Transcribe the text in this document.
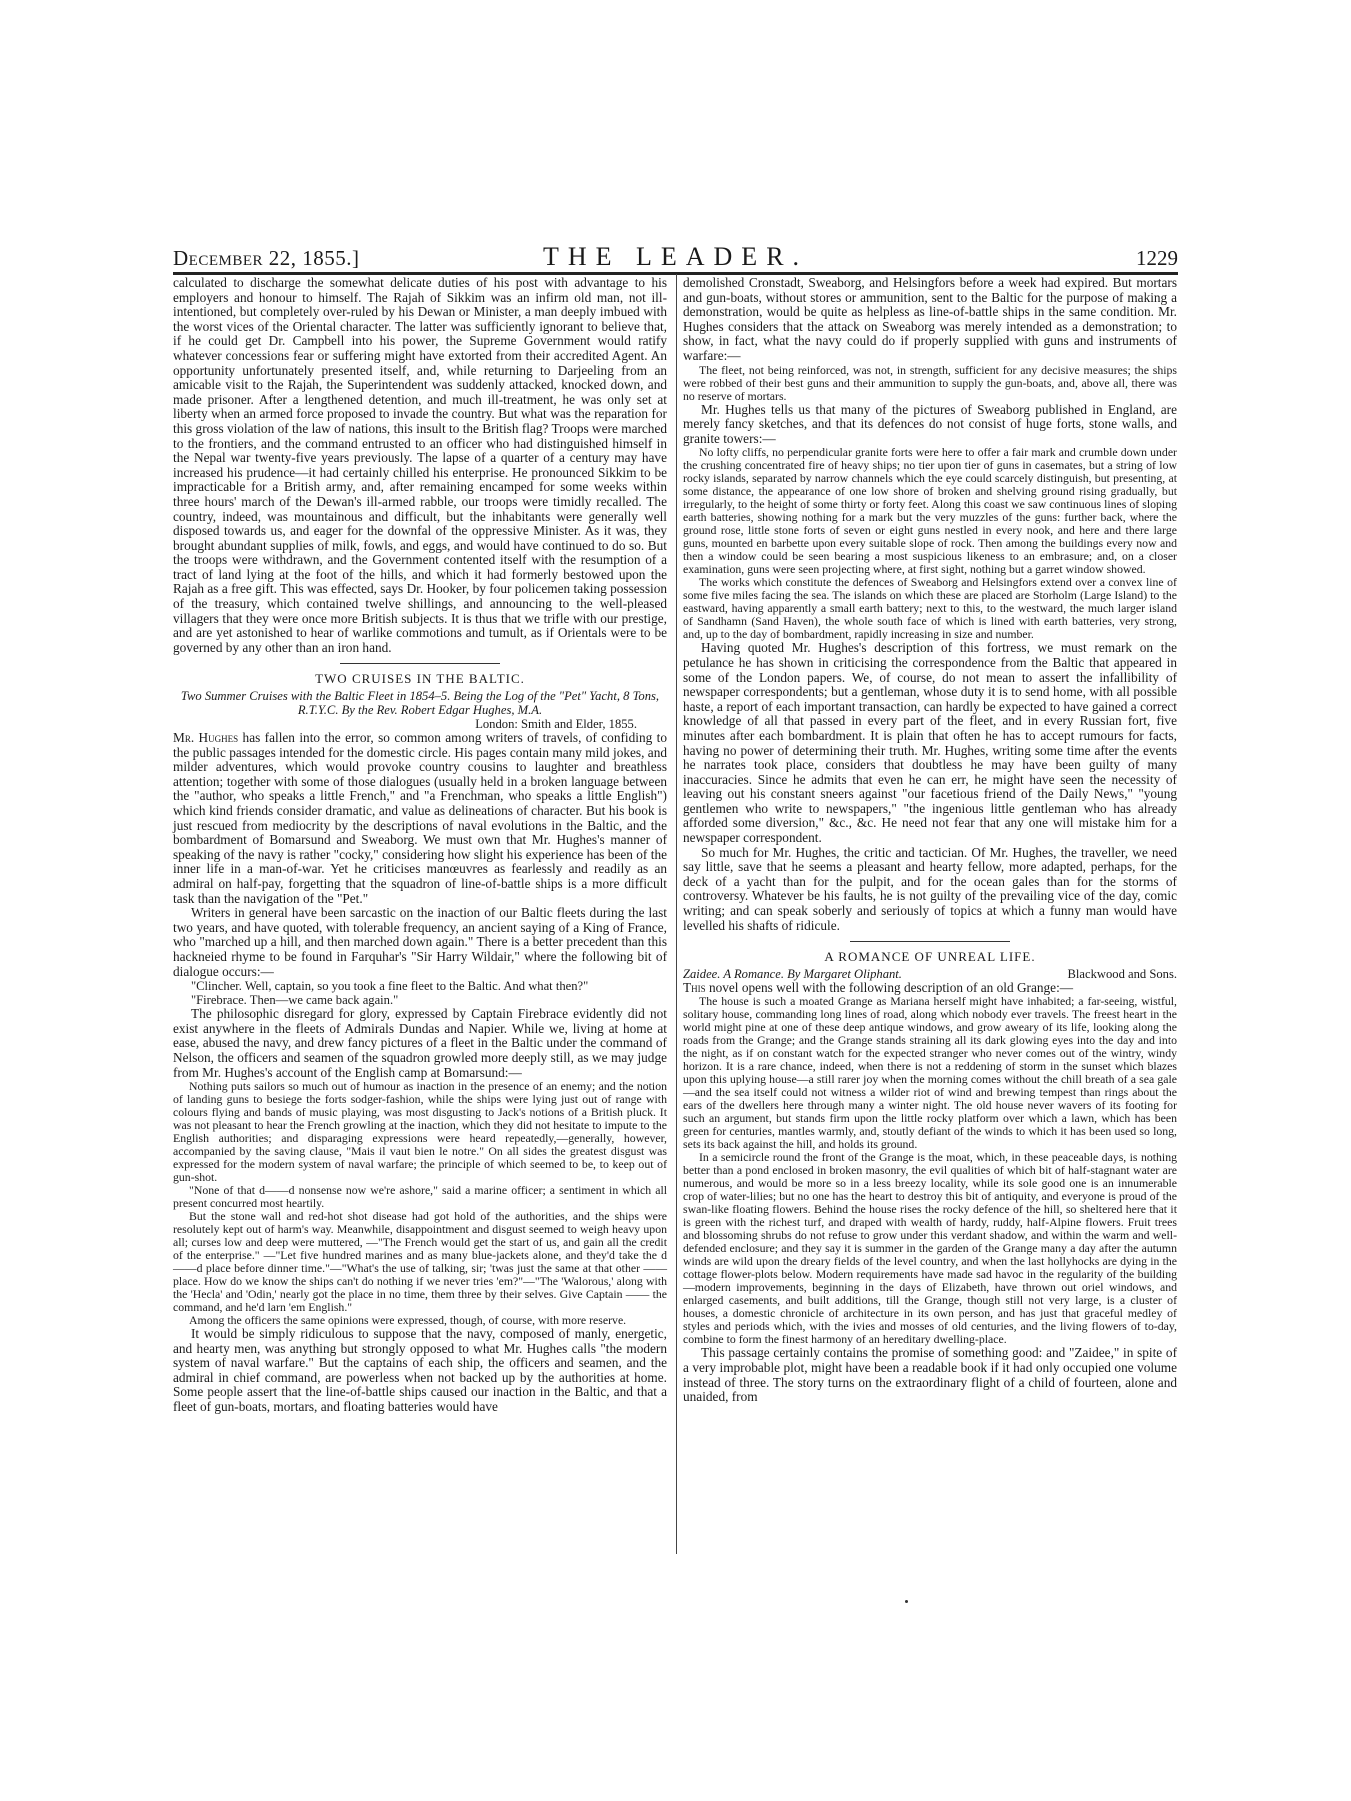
December 22, 1855.]	THE LEADER.	1229

calculated to discharge the somewhat delicate duties of his post with advantage to his employers and honour to himself. The Rajah of Sikkim was an infirm old man, not ill-intentioned, but completely over-ruled by his Dewan or Minister, a man deeply imbued with the worst vices of the Oriental character. The latter was sufficiently ignorant to believe that, if he could get Dr. Campbell into his power, the Supreme Government would ratify whatever concessions fear or suffering might have extorted from their accredited Agent. An opportunity unfortunately presented itself, and, while returning to Darjeeling from an amicable visit to the Rajah, the Superintendent was suddenly attacked, knocked down, and made prisoner. After a lengthened detention, and much ill-treatment, he was only set at liberty when an armed force proposed to invade the country. But what was the reparation for this gross violation of the law of nations, this insult to the British flag? Troops were marched to the frontiers, and the command entrusted to an officer who had distinguished himself in the Nepal war twenty-five years previously. The lapse of a quarter of a century may have increased his prudence—it had certainly chilled his enterprise. He pronounced Sikkim to be impracticable for a British army, and, after remaining encamped for some weeks within three hours' march of the Dewan's ill-armed rabble, our troops were timidly recalled. The country, indeed, was mountainous and difficult, but the inhabitants were generally well disposed towards us, and eager for the downfal of the oppressive Minister. As it was, they brought abundant supplies of milk, fowls, and eggs, and would have continued to do so. But the troops were withdrawn, and the Government contented itself with the resumption of a tract of land lying at the foot of the hills, and which it had formerly bestowed upon the Rajah as a free gift. This was effected, says Dr. Hooker, by four policemen taking possession of the treasury, which contained twelve shillings, and announcing to the well-pleased villagers that they were once more British subjects. It is thus that we trifle with our prestige, and are yet astonished to hear of warlike commotions and tumult, as if Orientals were to be governed by any other than an iron hand.

TWO CRUISES IN THE BALTIC.
Two Summer Cruises with the Baltic Fleet in 1854–5. Being the Log of the "Pet" Yacht, 8 Tons, R.T.Y.C. By the Rev. Robert Edgar Hughes, M.A.
London: Smith and Elder, 1855.

Mr. Hughes has fallen into the error, so common among writers of travels, of confiding to the public passages intended for the domestic circle. His pages contain many mild jokes, and milder adventures, which would provoke country cousins to laughter and breathless attention; together with some of those dialogues (usually held in a broken language between the "author, who speaks a little French," and "a Frenchman, who speaks a little English") which kind friends consider dramatic, and value as delineations of character. But his book is just rescued from mediocrity by the descriptions of naval evolutions in the Baltic, and the bombardment of Bomarsund and Sweaborg. We must own that Mr. Hughes's manner of speaking of the navy is rather "cocky," considering how slight his experience has been of the inner life in a man-of-war. Yet he criticises manœuvres as fearlessly and readily as an admiral on half-pay, forgetting that the squadron of line-of-battle ships is a more difficult task than the navigation of the "Pet."

Writers in general have been sarcastic on the inaction of our Baltic fleets during the last two years, and have quoted, with tolerable frequency, an ancient saying of a King of France, who "marched up a hill, and then marched down again." There is a better precedent than this hackneied rhyme to be found in Farquhar's "Sir Harry Wildair," where the following bit of dialogue occurs:—

"Clincher. Well, captain, so you took a fine fleet to the Baltic. And what then?"

"Firebrace. Then—we came back again."

The philosophic disregard for glory, expressed by Captain Firebrace evidently did not exist anywhere in the fleets of Admirals Dundas and Napier. While we, living at home at ease, abused the navy, and drew fancy pictures of a fleet in the Baltic under the command of Nelson, the officers and seamen of the squadron growled more deeply still, as we may judge from Mr. Hughes's account of the English camp at Bomarsund:—

Nothing puts sailors so much out of humour as inaction in the presence of an enemy; and the notion of landing guns to besiege the forts sodger-fashion, while the ships were lying just out of range with colours flying and bands of music playing, was most disgusting to Jack's notions of a British pluck. It was not pleasant to hear the French growling at the inaction, which they did not hesitate to impute to the English authorities; and disparaging expressions were heard repeatedly,—generally, however, accompanied by the saving clause, "Mais il vaut bien le notre." On all sides the greatest disgust was expressed for the modern system of naval warfare; the principle of which seemed to be, to keep out of gun-shot.

"None of that d——d nonsense now we're ashore," said a marine officer; a sentiment in which all present concurred most heartily.

But the stone wall and red-hot shot disease had got hold of the authorities, and the ships were resolutely kept out of harm's way. Meanwhile, disappointment and disgust seemed to weigh heavy upon all; curses low and deep were muttered, —"The French would get the start of us, and gain all the credit of the enterprise." —"Let five hundred marines and as many blue-jackets alone, and they'd take the d——d place before dinner time."—"What's the use of talking, sir; 'twas just the same at that other —— place. How do we know the ships can't do nothing if we never tries 'em?"—"The 'Walorous,' along with the 'Hecla' and 'Odin,' nearly got the place in no time, them three by their selves. Give Captain —— the command, and he'd larn 'em English."

Among the officers the same opinions were expressed, though, of course, with more reserve.

It would be simply ridiculous to suppose that the navy, composed of manly, energetic, and hearty men, was anything but strongly opposed to what Mr. Hughes calls "the modern system of naval warfare." But the captains of each ship, the officers and seamen, and the admiral in chief command, are powerless when not backed up by the authorities at home. Some people assert that the line-of-battle ships caused our inaction in the Baltic, and that a fleet of gun-boats, mortars, and floating batteries would have

demolished Cronstadt, Sweaborg, and Helsingfors before a week had expired. But mortars and gun-boats, without stores or ammunition, sent to the Baltic for the purpose of making a demonstration, would be quite as helpless as line-of-battle ships in the same condition. Mr. Hughes considers that the attack on Sweaborg was merely intended as a demonstration; to show, in fact, what the navy could do if properly supplied with guns and instruments of warfare:—

The fleet, not being reinforced, was not, in strength, sufficient for any decisive measures; the ships were robbed of their best guns and their ammunition to supply the gun-boats, and, above all, there was no reserve of mortars.

Mr. Hughes tells us that many of the pictures of Sweaborg published in England, are merely fancy sketches, and that its defences do not consist of huge forts, stone walls, and granite towers:—

No lofty cliffs, no perpendicular granite forts were here to offer a fair mark and crumble down under the crushing concentrated fire of heavy ships; no tier upon tier of guns in casemates, but a string of low rocky islands, separated by narrow channels which the eye could scarcely distinguish, but presenting, at some distance, the appearance of one low shore of broken and shelving ground rising gradually, but irregularly, to the height of some thirty or forty feet. Along this coast we saw continuous lines of sloping earth batteries, showing nothing for a mark but the very muzzles of the guns: further back, where the ground rose, little stone forts of seven or eight guns nestled in every nook, and here and there large guns, mounted en barbette upon every suitable slope of rock. Then among the buildings every now and then a window could be seen bearing a most suspicious likeness to an embrasure; and, on a closer examination, guns were seen projecting where, at first sight, nothing but a garret window showed.

The works which constitute the defences of Sweaborg and Helsingfors extend over a convex line of some five miles facing the sea. The islands on which these are placed are Storholm (Large Island) to the eastward, having apparently a small earth battery; next to this, to the westward, the much larger island of Sandhamn (Sand Haven), the whole south face of which is lined with earth batteries, very strong, and, up to the day of bombardment, rapidly increasing in size and number.

Having quoted Mr. Hughes's description of this fortress, we must remark on the petulance he has shown in criticising the correspondence from the Baltic that appeared in some of the London papers. We, of course, do not mean to assert the infallibility of newspaper correspondents; but a gentleman, whose duty it is to send home, with all possible haste, a report of each important transaction, can hardly be expected to have gained a correct knowledge of all that passed in every part of the fleet, and in every Russian fort, five minutes after each bombardment. It is plain that often he has to accept rumours for facts, having no power of determining their truth. Mr. Hughes, writing some time after the events he narrates took place, considers that doubtless he may have been guilty of many inaccuracies. Since he admits that even he can err, he might have seen the necessity of leaving out his constant sneers against "our facetious friend of the Daily News," "young gentlemen who write to newspapers," "the ingenious little gentleman who has already afforded some diversion," &c., &c. He need not fear that any one will mistake him for a newspaper correspondent.

So much for Mr. Hughes, the critic and tactician. Of Mr. Hughes, the traveller, we need say little, save that he seems a pleasant and hearty fellow, more adapted, perhaps, for the deck of a yacht than for the pulpit, and for the ocean gales than for the storms of controversy. Whatever be his faults, he is not guilty of the prevailing vice of the day, comic writing; and can speak soberly and seriously of topics at which a funny man would have levelled his shafts of ridicule.

A ROMANCE OF UNREAL LIFE.
Zaidee. A Romance. By Margaret Oliphant.	Blackwood and Sons.

This novel opens well with the following description of an old Grange:—

The house is such a moated Grange as Mariana herself might have inhabited; a far-seeing, wistful, solitary house, commanding long lines of road, along which nobody ever travels. The freest heart in the world might pine at one of these deep antique windows, and grow aweary of its life, looking along the roads from the Grange; and the Grange stands straining all its dark glowing eyes into the day and into the night, as if on constant watch for the expected stranger who never comes out of the wintry, windy horizon. It is a rare chance, indeed, when there is not a reddening of storm in the sunset which blazes upon this uplying house—a still rarer joy when the morning comes without the chill breath of a sea gale—and the sea itself could not witness a wilder riot of wind and brewing tempest than rings about the ears of the dwellers here through many a winter night. The old house never wavers of its footing for such an argument, but stands firm upon the little rocky platform over which a lawn, which has been green for centuries, mantles warmly, and, stoutly defiant of the winds to which it has been used so long, sets its back against the hill, and holds its ground.

In a semicircle round the front of the Grange is the moat, which, in these peaceable days, is nothing better than a pond enclosed in broken masonry, the evil qualities of which bit of half-stagnant water are numerous, and would be more so in a less breezy locality, while its sole good one is an innumerable crop of water-lilies; but no one has the heart to destroy this bit of antiquity, and everyone is proud of the swan-like floating flowers. Behind the house rises the rocky defence of the hill, so sheltered here that it is green with the richest turf, and draped with wealth of hardy, ruddy, half-Alpine flowers. Fruit trees and blossoming shrubs do not refuse to grow under this verdant shadow, and within the warm and well-defended enclosure; and they say it is summer in the garden of the Grange many a day after the autumn winds are wild upon the dreary fields of the level country, and when the last hollyhocks are dying in the cottage flower-plots below. Modern requirements have made sad havoc in the regularity of the building—modern improvements, beginning in the days of Elizabeth, have thrown out oriel windows, and enlarged casements, and built additions, till the Grange, though still not very large, is a cluster of houses, a domestic chronicle of architecture in its own person, and has just that graceful medley of styles and periods which, with the ivies and mosses of old centuries, and the living flowers of to-day, combine to form the finest harmony of an hereditary dwelling-place.

This passage certainly contains the promise of something good: and "Zaidee," in spite of a very improbable plot, might have been a readable book if it had only occupied one volume instead of three. The story turns on the extraordinary flight of a child of fourteen, alone and unaided, from
